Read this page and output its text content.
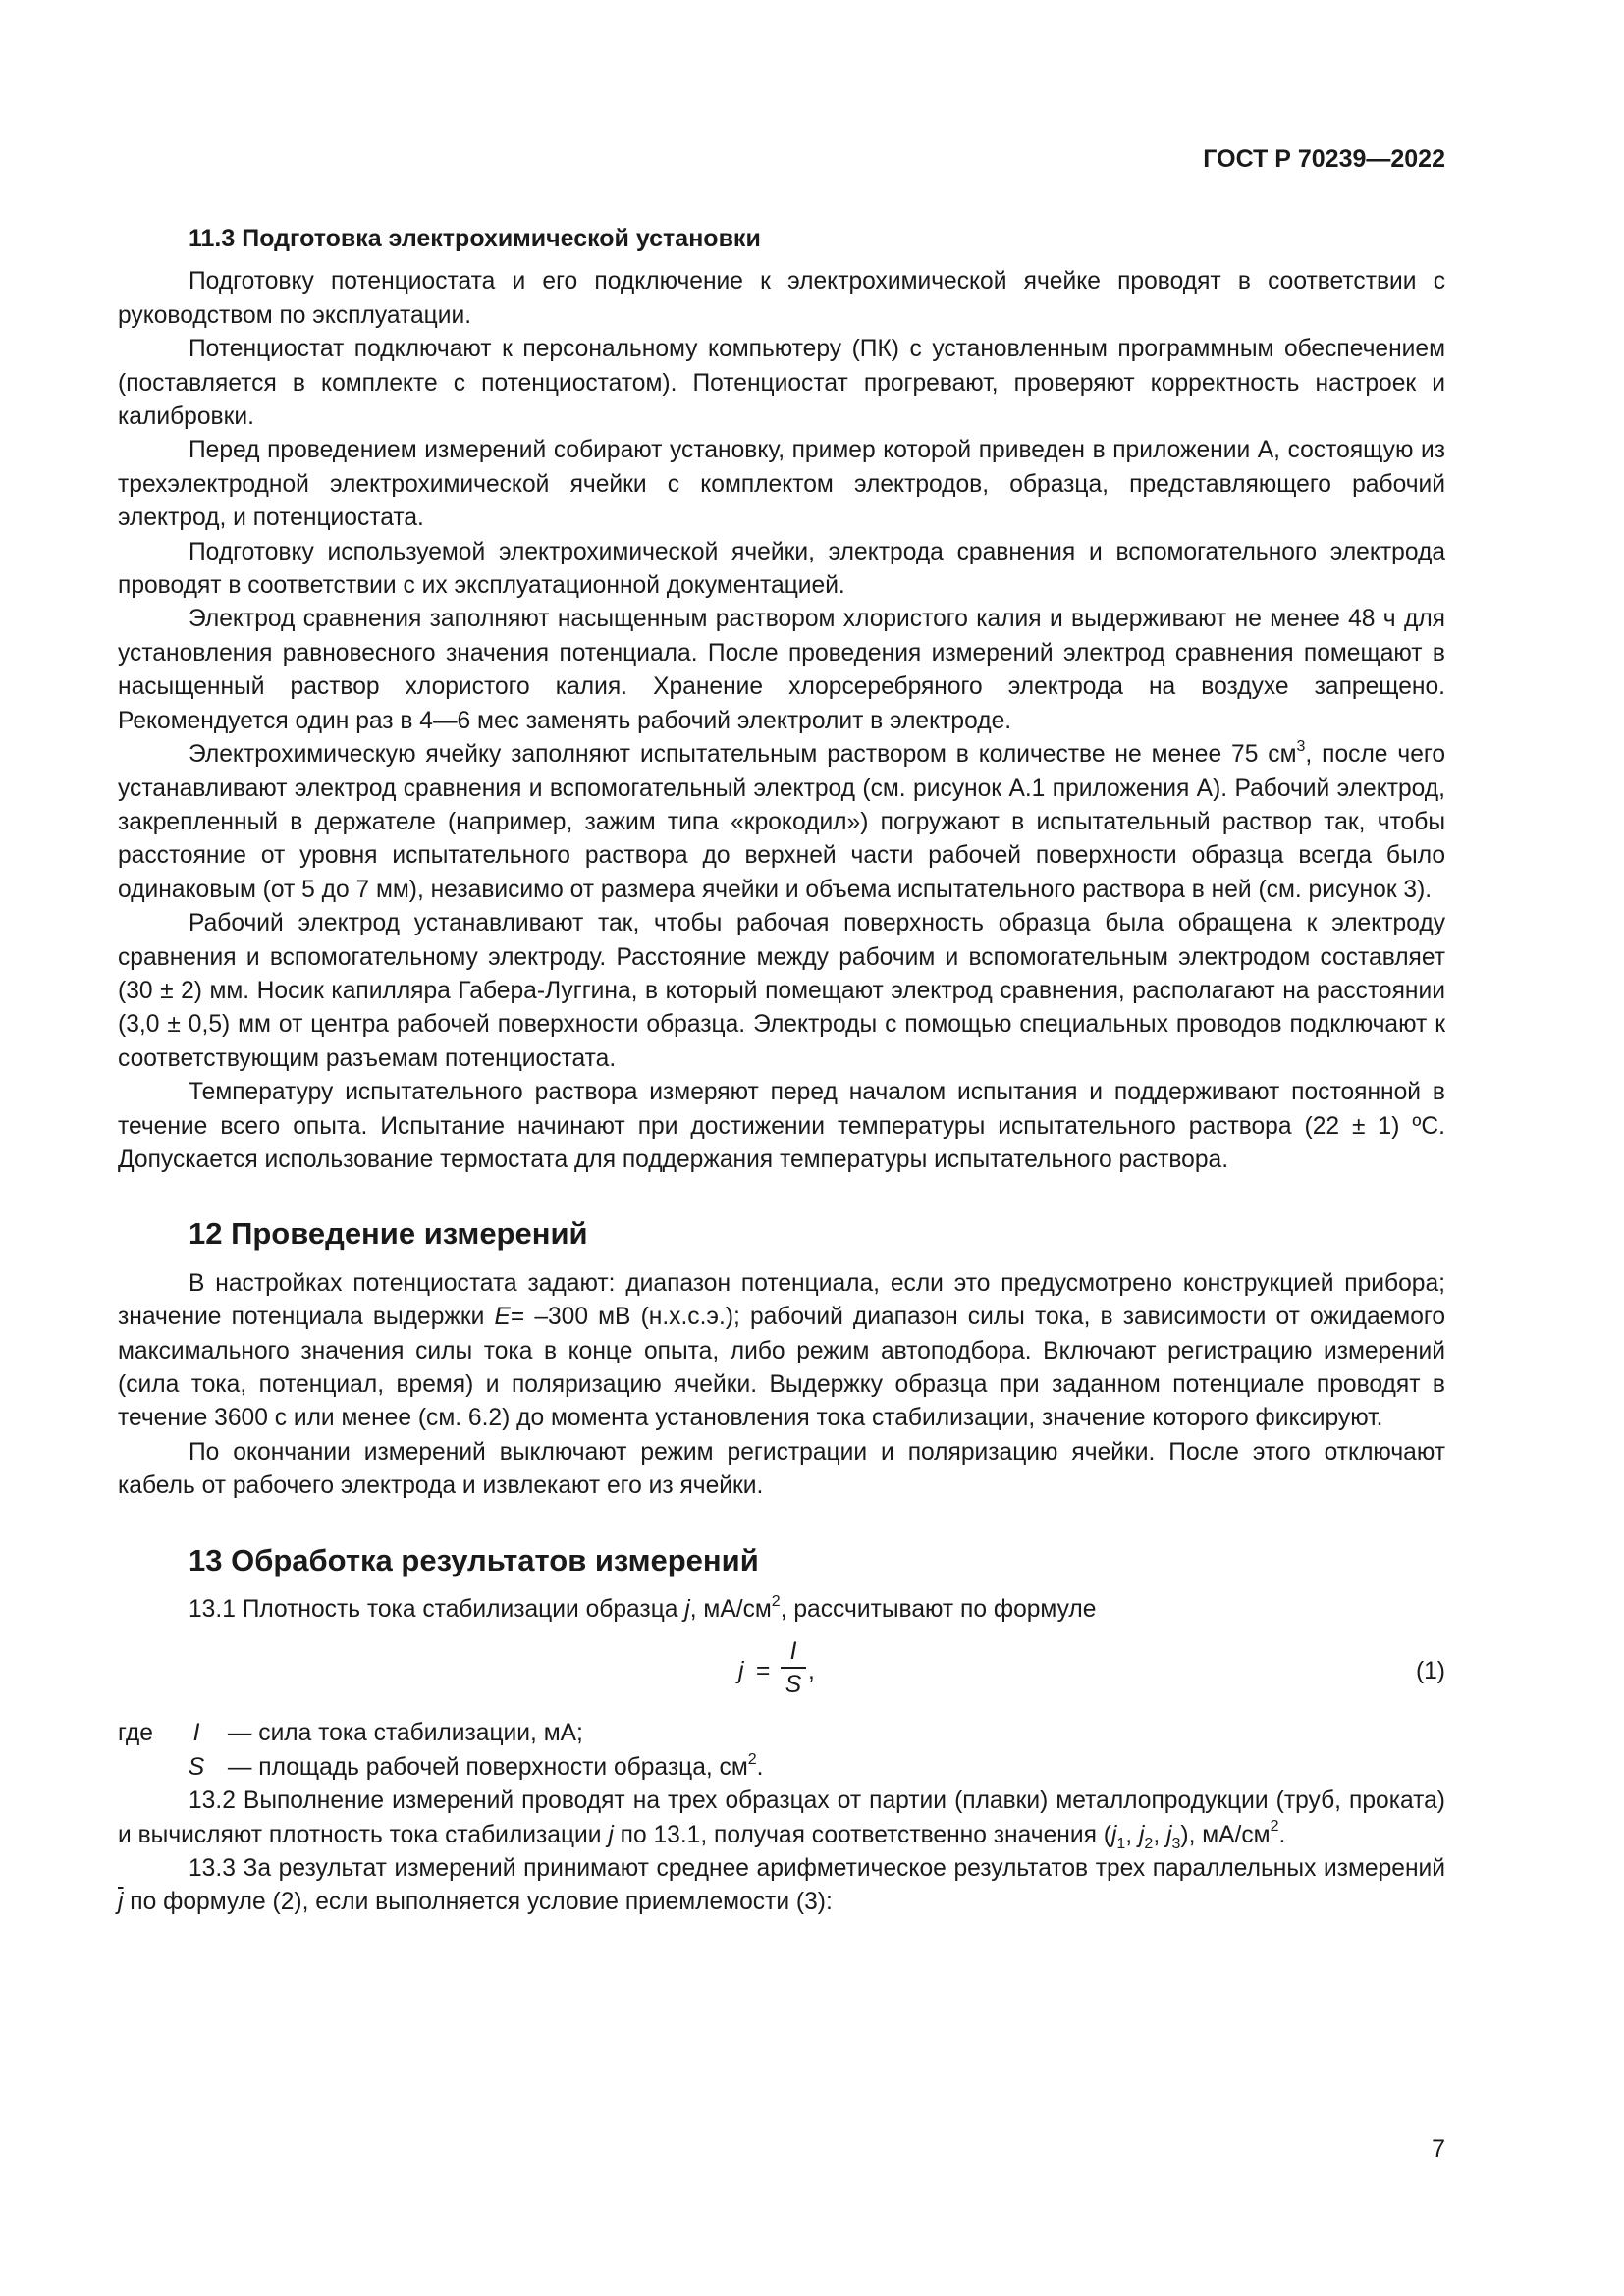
ГОСТ Р 70239—2022
11.3 Подготовка электрохимической установки

Подготовку потенциостата и его подключение к электрохимической ячейке проводят в соответствии с руководством по эксплуатации.

Потенциостат подключают к персональному компьютеру (ПК) с установленным программным обеспечением (поставляется в комплекте с потенциостатом). Потенциостат прогревают, проверяют корректность настроек и калибровки.

Перед проведением измерений собирают установку, пример которой приведен в приложении А, состоящую из трехэлектродной электрохимической ячейки с комплектом электродов, образца, представляющего рабочий электрод, и потенциостата.

Подготовку используемой электрохимической ячейки, электрода сравнения и вспомогательного электрода проводят в соответствии с их эксплуатационной документацией.

Электрод сравнения заполняют насыщенным раствором хлористого калия и выдерживают не менее 48 ч для установления равновесного значения потенциала. После проведения измерений электрод сравнения помещают в насыщенный раствор хлористого калия. Хранение хлорсеребряного электрода на воздухе запрещено. Рекомендуется один раз в 4—6 мес заменять рабочий электролит в электроде.

Электрохимическую ячейку заполняют испытательным раствором в количестве не менее 75 $см^3$, после чего устанавливают электрод сравнения и вспомогательный электрод (см. рисунок А.1 приложения А). Рабочий электрод, закрепленный в держателе (например, зажим типа «крокодил») погружают в испытательный раствор так, чтобы расстояние от уровня испытательного раствора до верхней части рабочей поверхности образца всегда было одинаковым (от 5 до 7 мм), независимо от размера ячейки и объема испытательного раствора в ней (см. рисунок 3).

Рабочий электрод устанавливают так, чтобы рабочая поверхность образца была обращена к электроду сравнения и вспомогательному электроду. Расстояние между рабочим и вспомогательным электродом составляет (30 ± 2) мм. Носик капилляра Габера-Луггина, в который помещают электрод сравнения, располагают на расстоянии (3,0 ± 0,5) мм от центра рабочей поверхности образца. Электроды с помощью специальных проводов подключают к соответствующим разъемам потенциостата.

Температуру испытательного раствора измеряют перед началом испытания и поддерживают постоянной в течение всего опыта. Испытание начинают при достижении температуры испытательного раствора (22 ± 1) ºС. Допускается использование термостата для поддержания температуры испытательного раствора.

12 Проведение измерений

В настройках потенциостата задают: диапазон потенциала, если это предусмотрено конструкцией прибора; значение потенциала выдержки Е= –300 мВ (н.х.с.э.); рабочий диапазон силы тока, в зависимости от ожидаемого максимального значения силы тока в конце опыта, либо режим автоподбора. Включают регистрацию измерений (сила тока, потенциал, время) и поляризацию ячейки. Выдержку образца при заданном потенциале проводят в течение 3600 с или менее (см. 6.2) до момента установления тока стабилизации, значение которого фиксируют.

По окончании измерений выключают режим регистрации и поляризацию ячейки. После этого отключают кабель от рабочего электрода и извлекают его из ячейки.

13 Обработка результатов измерений

13.1 Плотность тока стабилизации образца j, $мА/см^2$, рассчитывают по формуле

j =
I
S
,	(1)
где I — сила тока стабилизации, мА;
S — площадь рабочей поверхности образца, $см^2$.

13.2 Выполнение измерений проводят на трех образцах от партии (плавки) металлопродукции (труб, проката) и вычисляют плотность тока стабилизации j по 13.1, получая соответственно значения ($j_1$, $j_2$, $j_3$), $мА/см^2$.

13.3 За результат измерений принимают среднее арифметическое результатов трех параллельных измерений $\overline{j}$ по формуле (2), если выполняется условие приемлемости (3):

7
